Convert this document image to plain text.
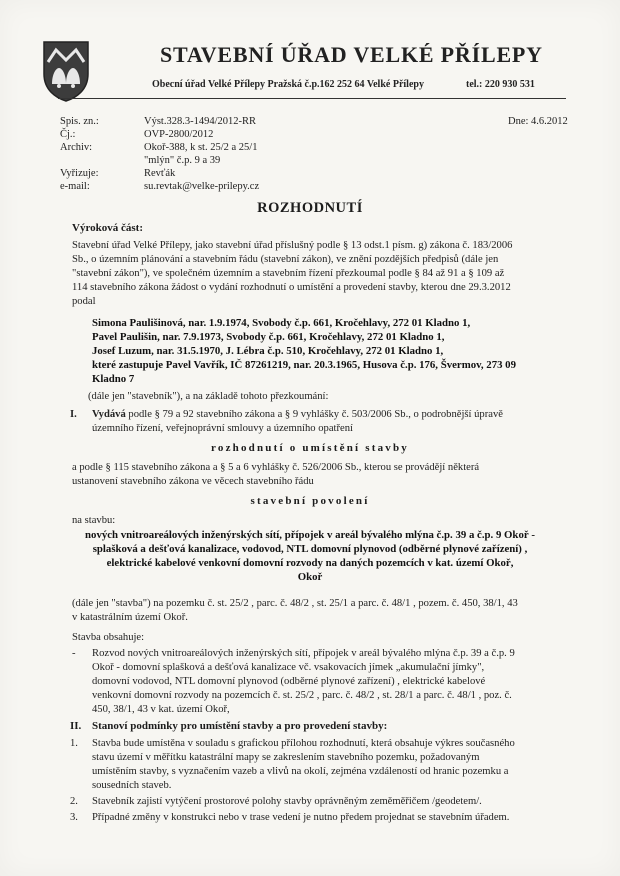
STAVEBNÍ ÚŘAD VELKÉ PŘÍLEPY
Obecní úřad Velké Přílepy Pražská č.p.162 252 64 Velké Přílepy	tel.: 220 930 531
Spis. zn.:	Výst.328.3-1494/2012-RR	Dne: 4.6.2012
Čj.:	OVP-2800/2012
Archiv:	Okoř-388, k st. 25/2 a 25/1
"mlýn" č.p. 9 a 39
Vyřizuje:	Revťák
e-mail:	su.revtak@velke-prilepy.cz
ROZHODNUTÍ
Výroková část:
Stavební úřad Velké Přílepy, jako stavební úřad příslušný podle § 13 odst.1 písm. g) zákona č. 183/2006
Sb., o územním plánování a stavebním řádu (stavební zákon), ve znění pozdějších předpisů (dále jen
"stavební zákon"), ve společném územním a stavebním řízení přezkoumal podle § 84 až 91 a § 109 až
114 stavebního zákona žádost o vydání rozhodnutí o umístění a provedení stavby, kterou dne 29.3.2012
podal
Simona Paulišinová, nar. 1.9.1974, Svobody č.p. 661, Kročehlavy, 272 01 Kladno 1,
Pavel Paulišin, nar. 7.9.1973, Svobody č.p. 661, Kročehlavy, 272 01 Kladno 1,
Josef Luzum, nar. 31.5.1970, J. Lébra č.p. 510, Kročehlavy, 272 01 Kladno 1,
které zastupuje Pavel Vavřík, IČ 87261219, nar. 20.3.1965, Husova č.p. 176, Švermov, 273 09
Kladno 7
(dále jen "stavebník"), a na základě tohoto přezkoumání:
I. Vydává podle § 79 a 92 stavebního zákona a § 9 vyhlášky č. 503/2006 Sb., o podrobnější úpravě
územního řízení, veřejnoprávní smlouvy a územního opatření
rozhodnutí o umístění stavby
a podle § 115 stavebního zákona a § 5 a 6 vyhlášky č. 526/2006 Sb., kterou se provádějí některá
ustanovení stavebního zákona ve věcech stavebního řádu
stavební povolení
na stavbu:
nových vnitroareálových inženýrských sítí, přípojek v areál bývalého mlýna č.p. 39 a č.p. 9 Okoř -
splašková a dešťová kanalizace, vodovod, NTL domovní plynovod (odběrné plynové zařízení) ,
elektrické kabelové venkovní domovní rozvody na daných pozemcích v kat. území Okoř,
Okoř
(dále jen "stavba") na pozemku č. st. 25/2 , parc. č. 48/2 , st. 25/1 a parc. č. 48/1 , pozem. č. 450, 38/1, 43
v katastrálním území Okoř.
Stavba obsahuje:
- Rozvod nových vnitroareálových inženýrských sítí, přípojek v areál bývalého mlýna č.p. 39 a č.p. 9
Okoř - domovní splašková a dešťová kanalizace vč. vsakovacích jímek „akumulační jímky",
domovní vodovod, NTL domovní plynovod (odběrné plynové zařízení) , elektrické kabelové
venkovní domovní rozvody na pozemcích č. st. 25/2 , parc. č. 48/2 , st. 28/1 a parc. č. 48/1 , poz. č.
450, 38/1, 43 v kat. území Okoř,
II. Stanoví podmínky pro umístění stavby a pro provedení stavby:
1. Stavba bude umístěna v souladu s grafickou přílohou rozhodnutí, která obsahuje výkres současného
stavu území v měřítku katastrální mapy se zakreslením stavebního pozemku, požadovaným
umístěním stavby, s vyznačením vazeb a vlivů na okolí, zejména vzdáleností od hranic pozemku a
sousedních staveb.
2. Stavebník zajistí vytýčení prostorové polohy stavby oprávněným zeměměřičem /geodetem/.
3. Případné změny v konstrukci nebo v trase vedení je nutno předem projednat se stavebním úřadem.
